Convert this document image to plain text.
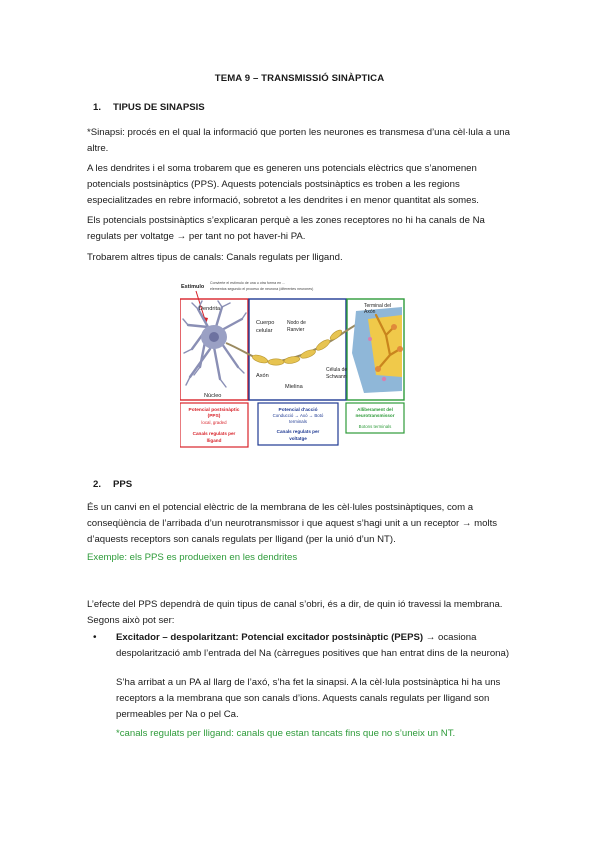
TEMA 9 – TRANSMISSIÓ SINÀPTICA
1. TIPUS DE SINAPSIS

*Sinapsi: procés en el qual la informació que porten les neurones es transmesa d’una cèl·lula a una altre.

A les dendrites i el soma trobarem que es generen uns potencials elèctrics que s’anomenen potencials postsinàptics (PPS). Aquests potencials postsinàptics es troben a les regions especialitzades en rebre informació, sobretot a les dendrites i en menor quantitat als somes.

Els potencials postsinàptics s’explicaran perquè a les zones receptores no hi ha canals de Na regulats per voltatge → per tant no pot haver-hi PA.

Trobarem altres tipus de canals: Canals regulats per lligand.

Estímulo
Convierte el estímulo de una u otra forma en ...
elementos segundo el proceso de neurona (diferentes neurones)
Dendrita
Núcleo
Cuerpo
celular
Nodo de
Ranvier
Axón
Mielina
Célula de
Schwann
Terminal del
Axón
Potencial postsinàptic
(PPS)
local, graded
Canals regulats per
lligand
Potencial d'acció
Conducció → Axó → Botó
terminals
Canals regulats per
voltatge
Alliberament del
neurotransmissor
Botons terminals
2. PPS

És un canvi en el potencial elèctric de la membrana de les cèl·lules postsinàptiques, com a conseqüència de l’arribada d’un neurotransmissor i que aquest s’hagi unit a un receptor → molts d’aquests receptors son canals regulats per lligand (per la unió d’un NT).

Exemple: els PPS es produeixen en les dendrites

L’efecte del PPS dependrà de quin tipus de canal s’obri, és a dir, de quin ió travessi la membrana. Segons això pot ser:

• Excitador – despolaritzant: Potencial excitador postsinàptic (PEPS) → ocasiona despolarització amb l’entrada del Na (càrregues positives que han entrat dins de la neurona)

S’ha arribat a un PA al llarg de l’axó, s’ha fet la sinapsi. A la cèl·lula postsinàptica hi ha uns receptors a la membrana que son canals d’ions. Aquests canals regulats per lligand son permeables per Na o pel Ca.

*canals regulats per lligand: canals que estan tancats fins que no s’uneix un NT.
